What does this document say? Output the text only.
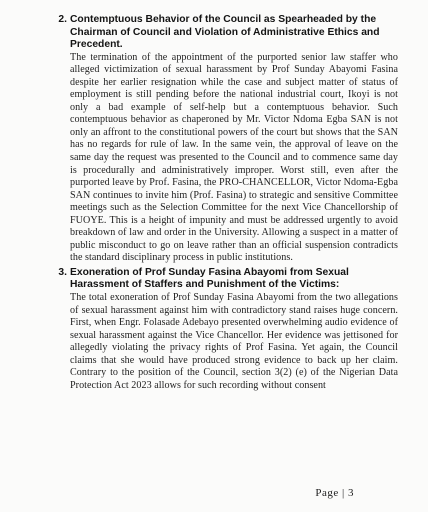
2. Contemptuous Behavior of the Council as Spearheaded by the Chairman of Council and Violation of Administrative Ethics and Precedent.

The termination of the appointment of the purported senior law staffer who alleged victimization of sexual harassment by Prof Sunday Abayomi Fasina despite her earlier resignation while the case and subject matter of status of employment is still pending before the national industrial court, Ikoyi is not only a bad example of self-help but a contemptuous behavior. Such contemptuous behavior as chaperoned by Mr. Victor Ndoma Egba SAN is not only an affront to the constitutional powers of the court but shows that the SAN has no regards for rule of law. In the same vein, the approval of leave on the same day the request was presented to the Council and to commence same day is procedurally and administratively improper. Worst still, even after the purported leave by Prof. Fasina, the PRO-CHANCELLOR, Victor Ndoma-Egba SAN continues to invite him (Prof. Fasina) to strategic and sensitive Committee meetings such as the Selection Committee for the next Vice Chancellorship of FUOYE. This is a height of impunity and must be addressed urgently to avoid breakdown of law and order in the University. Allowing a suspect in a matter of public misconduct to go on leave rather than an official suspension contradicts the standard disciplinary process in public institutions.

3. Exoneration of Prof Sunday Fasina Abayomi from Sexual Harassment of Staffers and Punishment of the Victims:

The total exoneration of Prof Sunday Fasina Abayomi from the two allegations of sexual harassment against him with contradictory stand raises huge concern. First, when Engr. Folasade Adebayo presented overwhelming audio evidence of sexual harassment against the Vice Chancellor. Her evidence was jettisoned for allegedly violating the privacy rights of Prof Fasina. Yet again, the Council claims that she would have produced strong evidence to back up her claim. Contrary to the position of the Council, section 3(2) (e) of the Nigerian Data Protection Act 2023 allows for such recording without consent

Page | 3
